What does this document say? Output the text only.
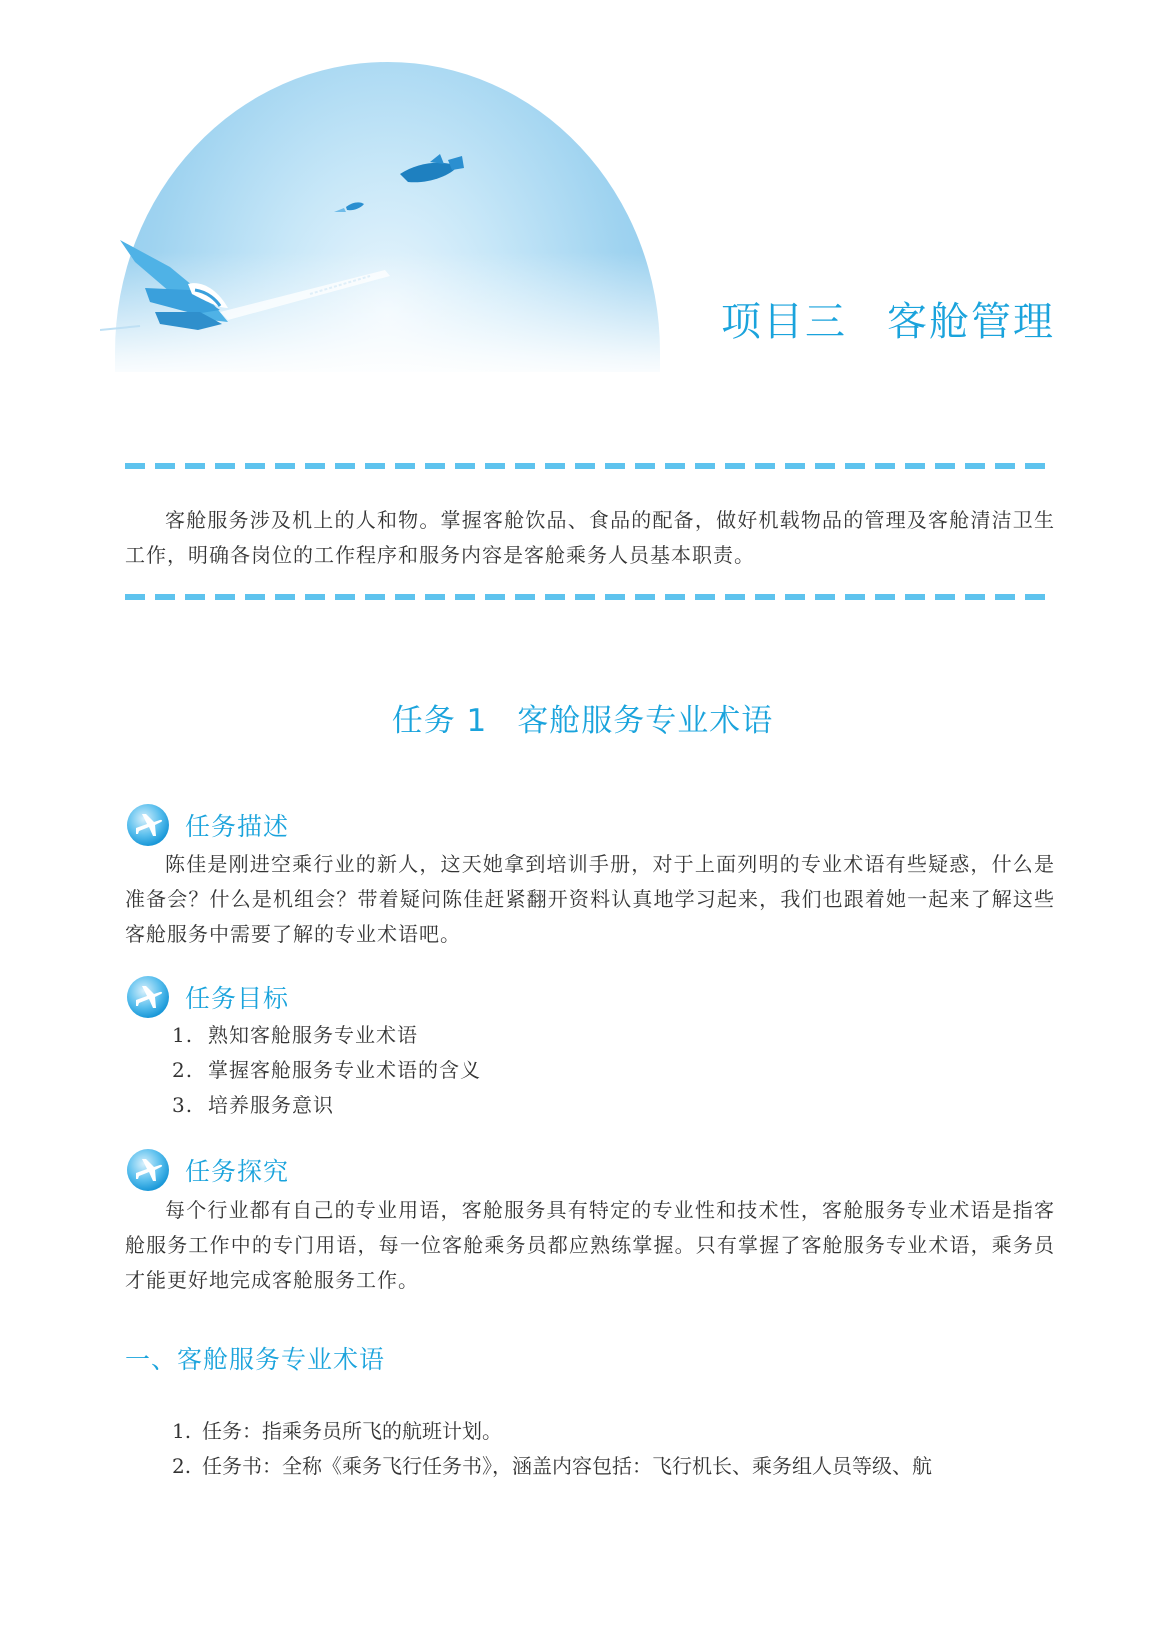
项目三 客舱管理

客舱服务涉及机上的人和物。掌握客舱饮品、食品的配备，做好机载物品的管理及客舱清洁卫生工作，明确各岗位的工作程序和服务内容是客舱乘务人员基本职责。

任务 1 客舱服务专业术语
任务描述

陈佳是刚进空乘行业的新人，这天她拿到培训手册，对于上面列明的专业术语有些疑惑，什么是准备会？什么是机组会？带着疑问陈佳赶紧翻开资料认真地学习起来，我们也跟着她一起来了解这些客舱服务中需要了解的专业术语吧。

任务目标
1. 熟知客舱服务专业术语
2. 掌握客舱服务专业术语的含义
3. 培养服务意识
任务探究

每个行业都有自己的专业用语，客舱服务具有特定的专业性和技术性，客舱服务专业术语是指客舱服务工作中的专门用语，每一位客舱乘务员都应熟练掌握。只有掌握了客舱服务专业术语，乘务员才能更好地完成客舱服务工作。

一、客舱服务专业术语
1. 任务：指乘务员所飞的航班计划。
2. 任务书：全称《乘务飞行任务书》，涵盖内容包括：飞行机长、乘务组人员等级、航
